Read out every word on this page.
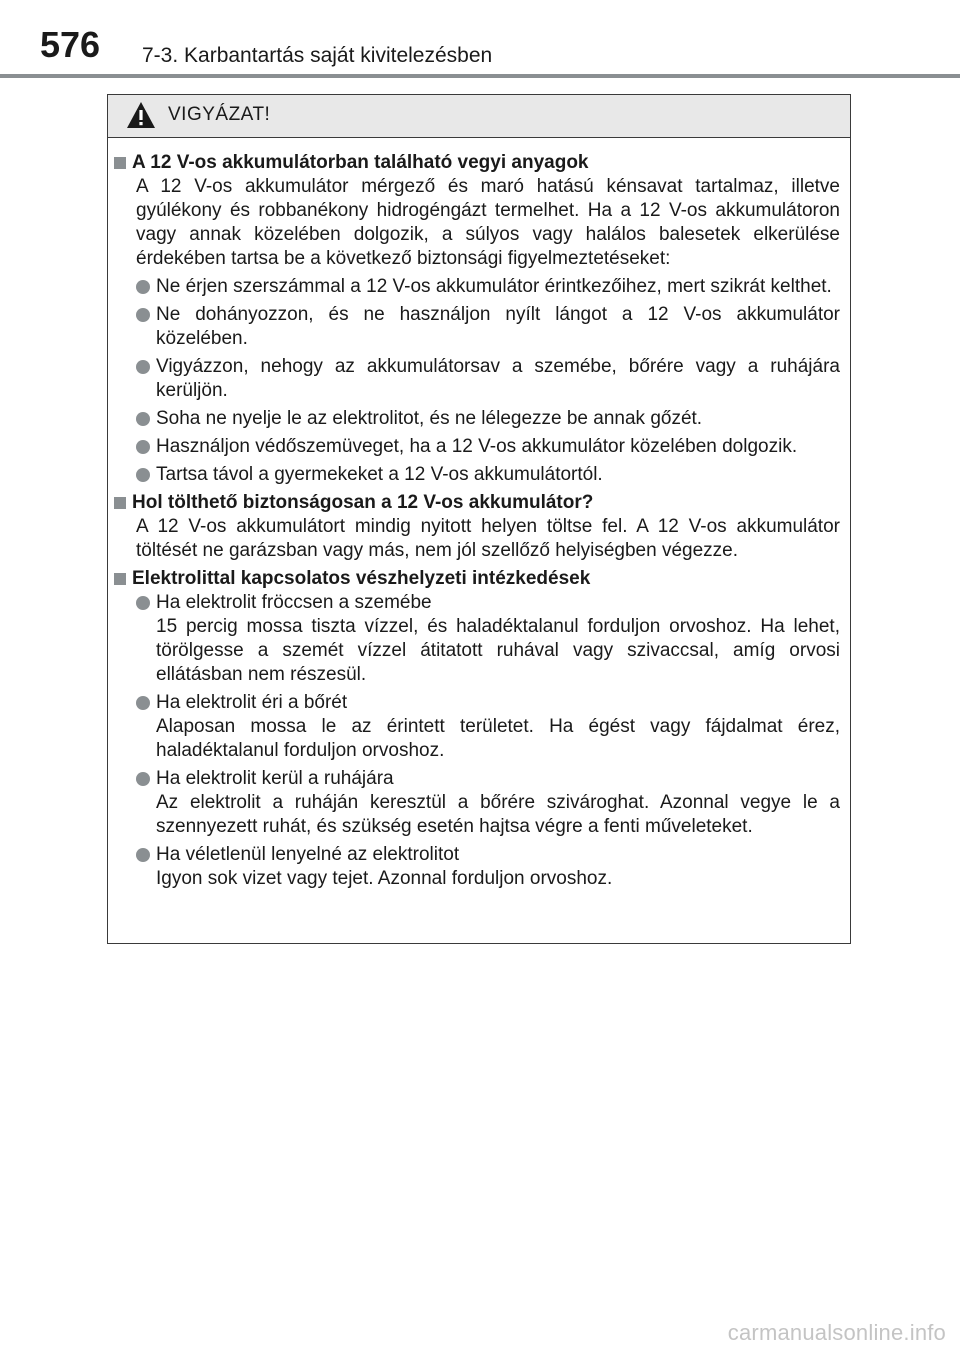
576 7-3. Karbantartás saját kivitelezésben
VIGYÁZAT!
A 12 V-os akkumulátorban található vegyi anyagok
A 12 V-os akkumulátor mérgező és maró hatású kénsavat tartalmaz, illetve gyúlékony és robbanékony hidrogéngázt termelhet. Ha a 12 V-os akkumulátoron vagy annak közelében dolgozik, a súlyos vagy halálos balesetek elkerülése érdekében tartsa be a következő biztonsági figyelmeztetéseket:
Ne érjen szerszámmal a 12 V-os akkumulátor érintkezőihez, mert szikrát kelthet.
Ne dohányozzon, és ne használjon nyílt lángot a 12 V-os akkumulátor közelében.
Vigyázzon, nehogy az akkumulátorsav a szemébe, bőrére vagy a ruhájára kerüljön.
Soha ne nyelje le az elektrolitot, és ne lélegezze be annak gőzét.
Használjon védőszemüveget, ha a 12 V-os akkumulátor közelében dolgozik.
Tartsa távol a gyermekeket a 12 V-os akkumulátortól.
Hol tölthető biztonságosan a 12 V-os akkumulátor?
A 12 V-os akkumulátort mindig nyitott helyen töltse fel. A 12 V-os akkumulátor töltését ne garázsban vagy más, nem jól szellőző helyiségben végezze.
Elektrolittal kapcsolatos vészhelyzeti intézkedések
Ha elektrolit fröccsen a szemébe
15 percig mossa tiszta vízzel, és haladéktalanul forduljon orvoshoz. Ha lehet, törölgesse a szemét vízzel átitatott ruhával vagy szivaccsal, amíg orvosi ellátásban nem részesül.
Ha elektrolit éri a bőrét
Alaposan mossa le az érintett területet. Ha égést vagy fájdalmat érez, haladéktalanul forduljon orvoshoz.
Ha elektrolit kerül a ruhájára
Az elektrolit a ruháján keresztül a bőrére szivároghat. Azonnal vegye le a szennyezett ruhát, és szükség esetén hajtsa végre a fenti műveleteket.
Ha véletlenül lenyelné az elektrolitot
Igyon sok vizet vagy tejet. Azonnal forduljon orvoshoz.
carmanualsonline.info
